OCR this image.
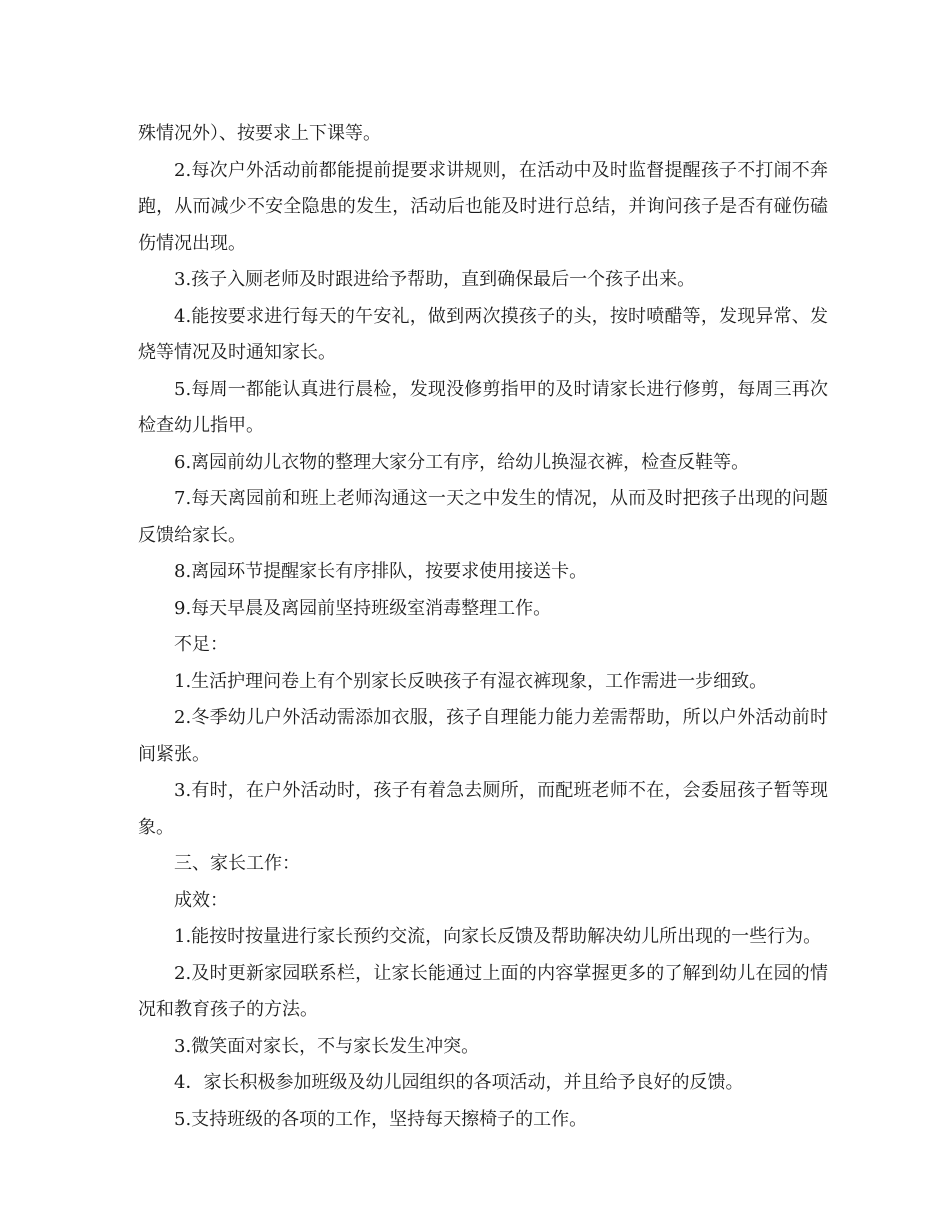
殊情况外）、按要求上下课等。

2.每次户外活动前都能提前提要求讲规则，在活动中及时监督提醒孩子不打闹不奔跑，从而减少不安全隐患的发生，活动后也能及时进行总结，并询问孩子是否有碰伤磕伤情况出现。

3.孩子入厕老师及时跟进给予帮助，直到确保最后一个孩子出来。

4.能按要求进行每天的午安礼，做到两次摸孩子的头，按时喷醋等，发现异常、发烧等情况及时通知家长。

5.每周一都能认真进行晨检，发现没修剪指甲的及时请家长进行修剪，每周三再次检查幼儿指甲。

6.离园前幼儿衣物的整理大家分工有序，给幼儿换湿衣裤，检查反鞋等。

7.每天离园前和班上老师沟通这一天之中发生的情况，从而及时把孩子出现的问题反馈给家长。

8.离园环节提醒家长有序排队，按要求使用接送卡。

9.每天早晨及离园前坚持班级室消毒整理工作。

不足：

1.生活护理问卷上有个别家长反映孩子有湿衣裤现象，工作需进一步细致。

2.冬季幼儿户外活动需添加衣服，孩子自理能力能力差需帮助，所以户外活动前时间紧张。

3.有时，在户外活动时，孩子有着急去厕所，而配班老师不在，会委屈孩子暂等现象。

三、家长工作：

成效：

1.能按时按量进行家长预约交流，向家长反馈及帮助解决幼儿所出现的一些行为。

2.及时更新家园联系栏，让家长能通过上面的内容掌握更多的了解到幼儿在园的情况和教育孩子的方法。

3.微笑面对家长，不与家长发生冲突。

4．家长积极参加班级及幼儿园组织的各项活动，并且给予良好的反馈。

5.支持班级的各项的工作，坚持每天擦椅子的工作。
